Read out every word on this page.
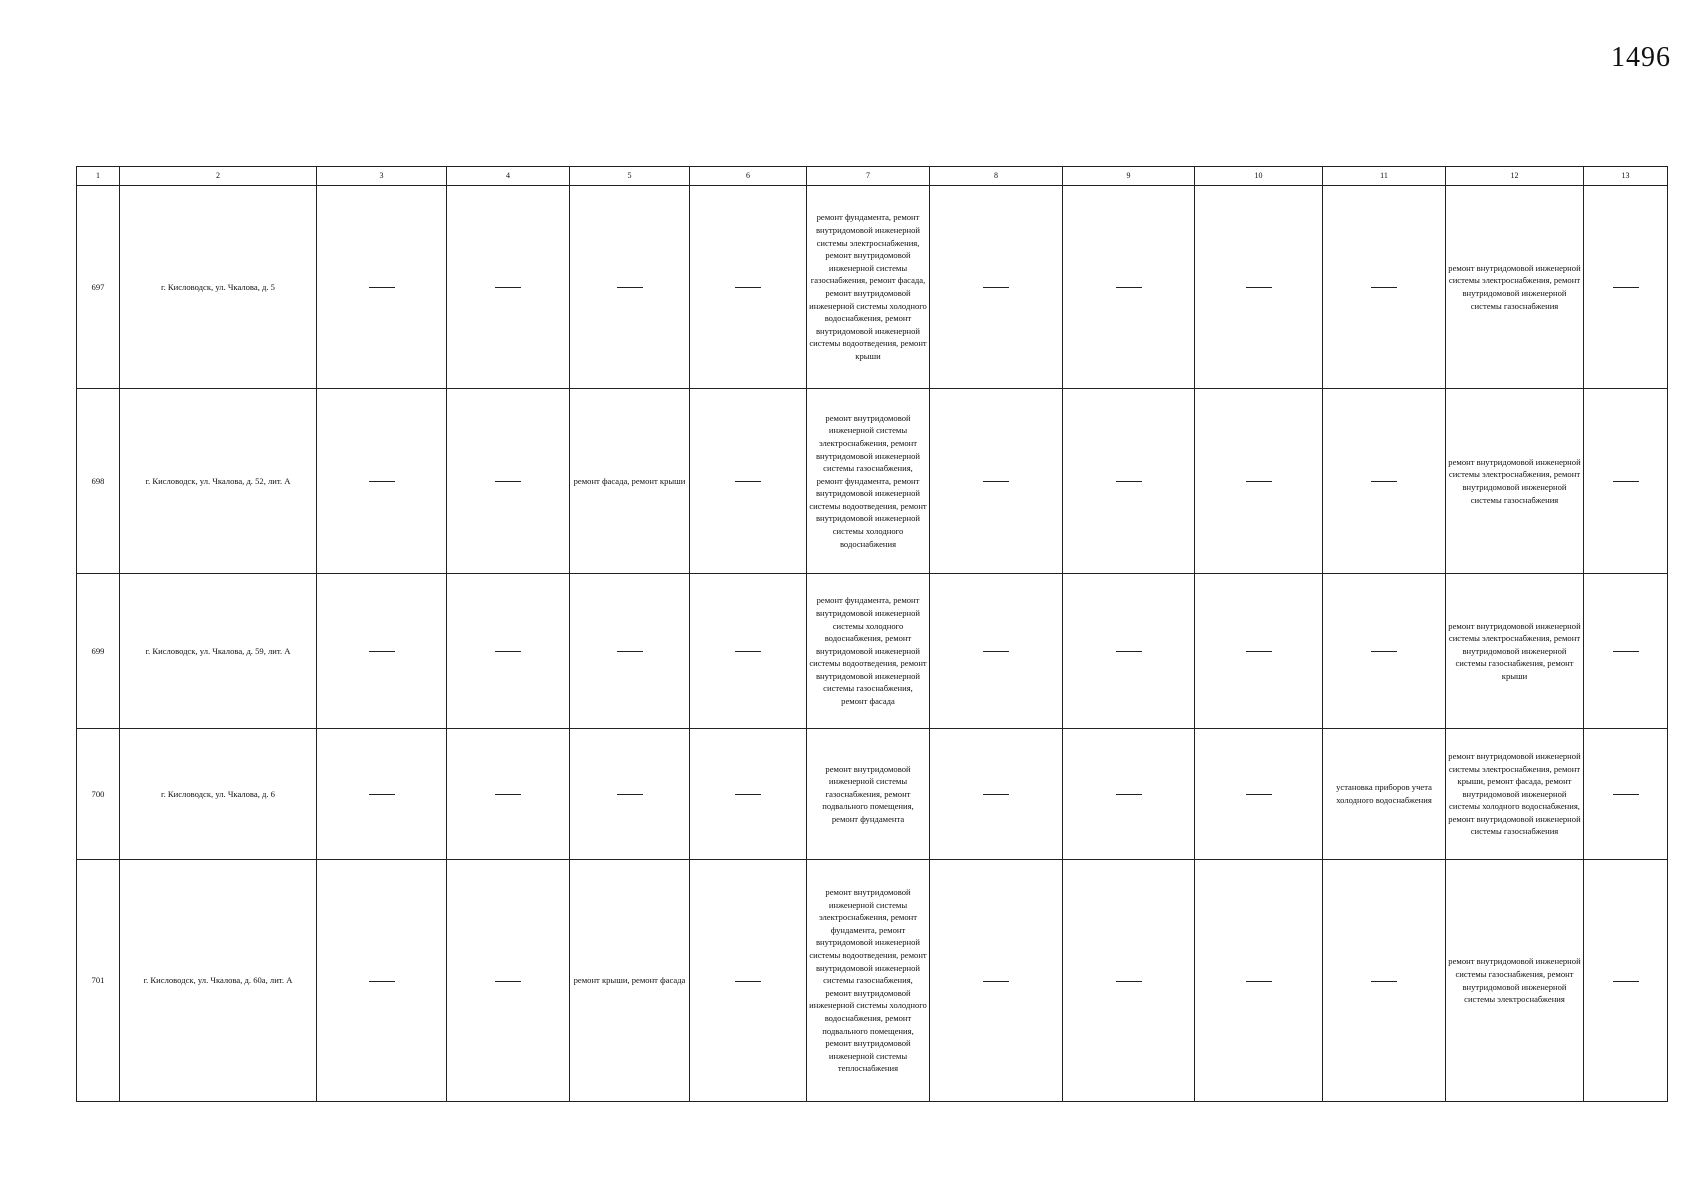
1496
1	2	3	4	5	6	7	8	9	10	11	12	13

697	г. Кисловодск, ул. Чкалова, д. 5					ремонт фундамента, ремонт внутридомовой инженерной системы электроснабжения, ремонт внутридомовой инженерной системы газоснабжения, ремонт фасада, ремонт внутридомовой инженерной системы холодного водоснабжения, ремонт внутридомовой инженерной системы водоотведения, ремонт крыши					ремонт внутридомовой инженерной системы электроснабжения, ремонт внутридомовой инженерной системы газоснабжения

698	г. Кисловодск, ул. Чкалова, д. 52, лит. А			ремонт фасада, ремонт крыши		ремонт внутридомовой инженерной системы электроснабжения, ремонт внутридомовой инженерной системы газоснабжения, ремонт фундамента, ремонт внутридомовой инженерной системы водоотведения, ремонт внутридомовой инженерной системы холодного водоснабжения					ремонт внутридомовой инженерной системы электроснабжения, ремонт внутридомовой инженерной системы газоснабжения

699	г. Кисловодск, ул. Чкалова, д. 59, лит. А					ремонт фундамента, ремонт внутридомовой инженерной системы холодного водоснабжения, ремонт внутридомовой инженерной системы водоотведения, ремонт внутридомовой инженерной системы газоснабжения, ремонт фасада					ремонт внутридомовой инженерной системы электроснабжения, ремонт внутридомовой инженерной системы газоснабжения, ремонт крыши

700	г. Кисловодск, ул. Чкалова, д. 6					ремонт внутридомовой инженерной системы газоснабжения, ремонт подвального помещения, ремонт фундамента				установка приборов учета холодного водоснабжения	ремонт внутридомовой инженерной системы электроснабжения, ремонт крыши, ремонт фасада, ремонт внутридомовой инженерной системы холодного водоснабжения, ремонт внутридомовой инженерной системы газоснабжения

701	г. Кисловодск, ул. Чкалова, д. 60а, лит. А			ремонт крыши, ремонт фасада		ремонт внутридомовой инженерной системы электроснабжения, ремонт фундамента, ремонт внутридомовой инженерной системы водоотведения, ремонт внутридомовой инженерной системы газоснабжения, ремонт внутридомовой инженерной системы холодного водоснабжения, ремонт подвального помещения, ремонт внутридомовой инженерной системы теплоснабжения					ремонт внутридомовой инженерной системы газоснабжения, ремонт внутридомовой инженерной системы электроснабжения
